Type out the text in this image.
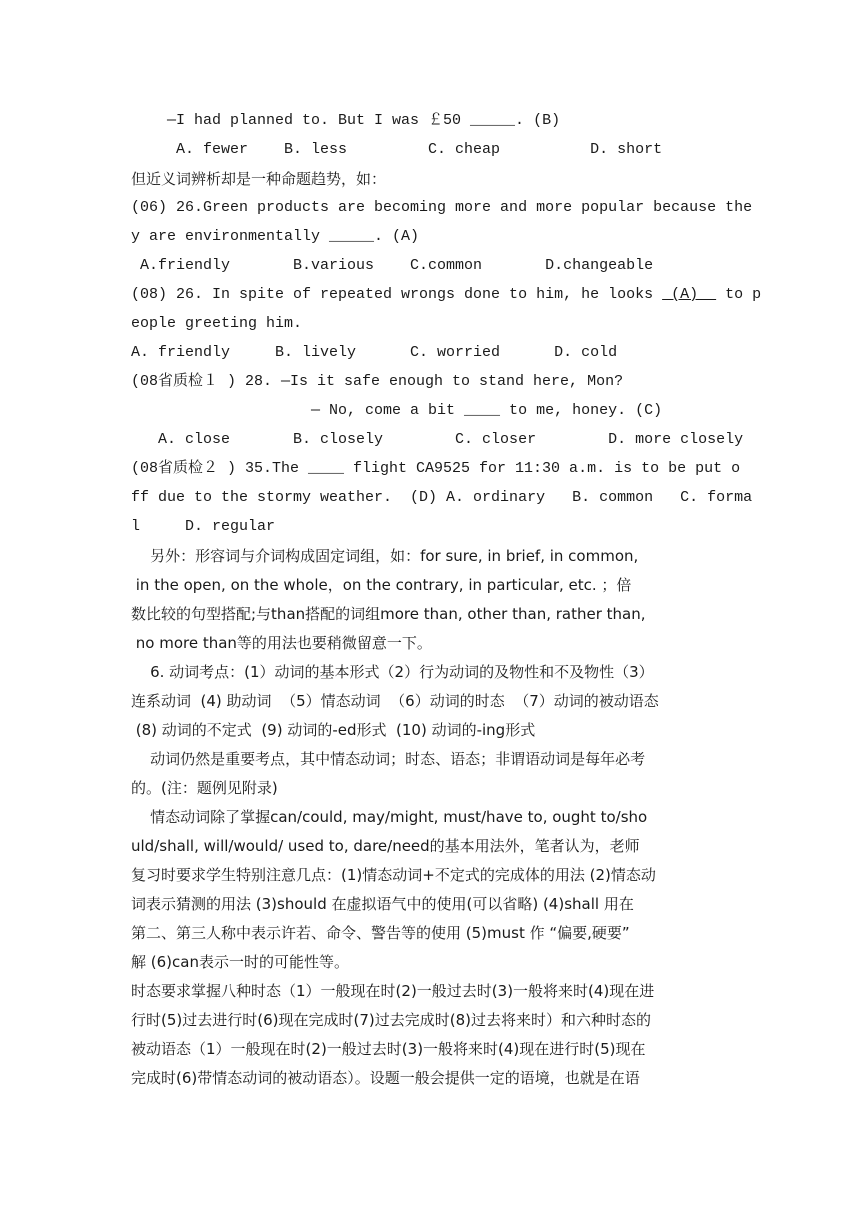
—I had planned to. But I was ￡50 _____. (B)

A. fewer    B. less         C. cheap          D. short

但近义词辨析却是一种命题趋势，如：

(06) 26.Green products are becoming more and more popular because the

y are environmentally _____. (A)

A.friendly       B.various    C.common       D.changeable

(08) 26. In spite of repeated wrongs done to him, he looks  (A)   to p

eople greeting him.

A. friendly     B. lively      C. worried      D. cold

(08省质检１ ) 28. —Is it safe enough to stand here, Mon?

— No, come a bit ____ to me, honey. (C)

A. close       B. closely        C. closer        D. more closely

(08省质检２ ) 35.The ____ flight CA9525 for 11:30 a.m. is to be put o

ff due to the stormy weather.  (D) A. ordinary   B. common   C. forma

l     D. regular

另外：形容词与介词构成固定词组，如：for sure, in brief, in common,

in the open, on the whole，on the contrary, in particular, etc. ；倍

数比较的句型搭配;与than搭配的词组more than, other than, rather than,

no more than等的用法也要稍微留意一下。

6. 动词考点：(1）动词的基本形式（2）行为动词的及物性和不及物性（3）

连系动词  (4) 助动词  （5）情态动词  （6）动词的时态  （7）动词的被动语态

(8) 动词的不定式  (9) 动词的-ed形式  (10) 动词的-ing形式

动词仍然是重要考点，其中情态动词；时态、语态；非谓语动词是每年必考

的。(注：题例见附录)

情态动词除了掌握can/could, may/might, must/have to, ought to/sho

uld/shall, will/would/ used to, dare/need的基本用法外，笔者认为，老师

复习时要求学生特别注意几点：(1)情态动词+不定式的完成体的用法 (2)情态动

词表示猜测的用法 (3)should 在虚拟语气中的使用(可以省略) (4)shall 用在

第二、第三人称中表示许若、命令、警告等的使用 (5)must 作 “偏要,硬要”

解 (6)can表示一时的可能性等。

时态要求掌握八种时态（1）一般现在时(2)一般过去时(3)一般将来时(4)现在进

行时(5)过去进行时(6)现在完成时(7)过去完成时(8)过去将来时）和六种时态的

被动语态（1）一般现在时(2)一般过去时(3)一般将来时(4)现在进行时(5)现在

完成时(6)带情态动词的被动语态）。设题一般会提供一定的语境，也就是在语
